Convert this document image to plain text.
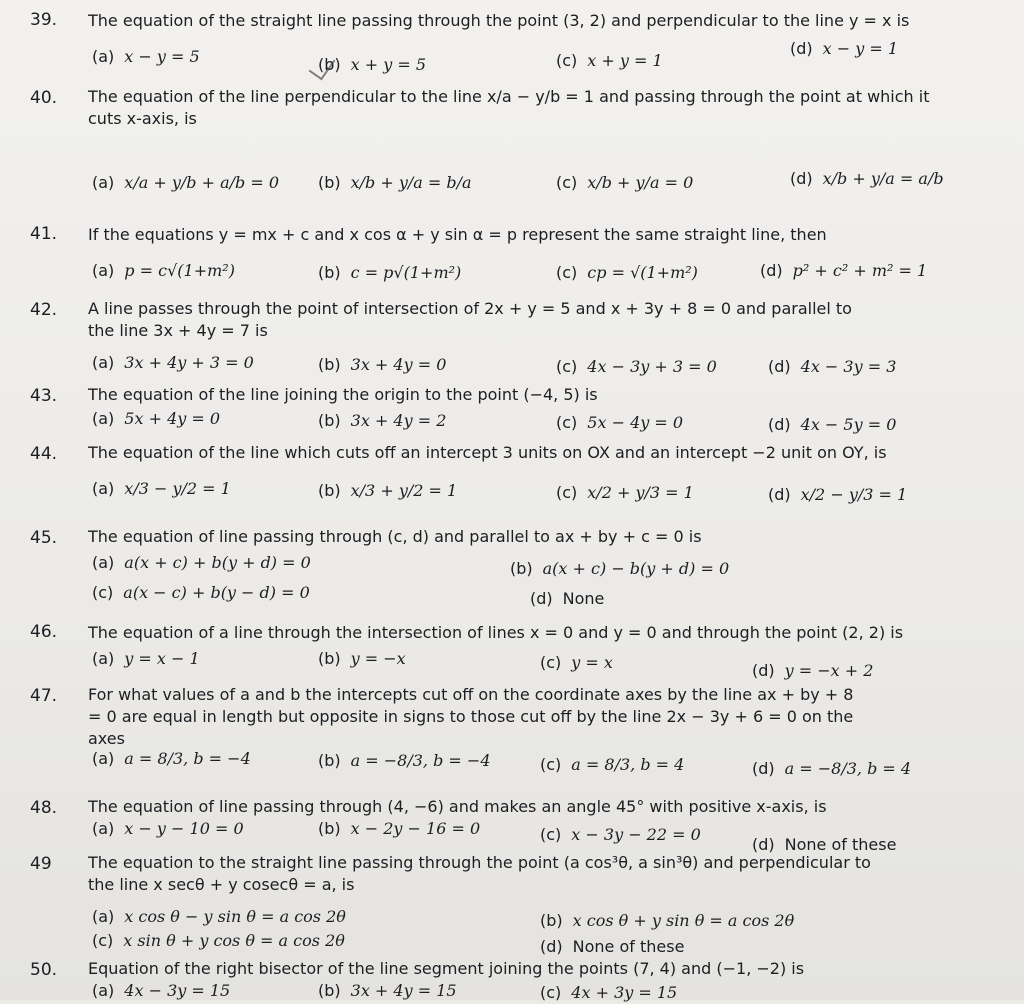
39. The equation of the straight line passing through the point (3, 2) and perpendicular to the line y = x is
(a) x − y = 5	(b) x + y = 5	(c) x + y = 1
(d) x − y = 1
40. The equation of the line perpendicular to the line x/a − y/b = 1 and passing through the point at which it cuts x-axis, is
(a) x/a + y/b + a/b = 0 (b) x/b + y/a = b/a	(c) x/b + y/a = 0	(d) x/b + y/a = a/b
41. If the equations y = mx + c and x cos α + y sin α = p represent the same straight line, then
(a) p = c√(1+m²)	(b) c = p√(1+m²)	(c) cp = √(1+m²)	(d) p² + c² + m² = 1
42. A line passes through the point of intersection of 2x + y = 5 and x + 3y + 8 = 0 and parallel to the line 3x + 4y = 7 is
(a) 3x + 4y + 3 = 0	(b) 3x + 4y = 0	(c) 4x − 3y + 3 = 0	(d) 4x − 3y = 3
43. The equation of the line joining the origin to the point (−4, 5) is
(a) 5x + 4y = 0	(b) 3x + 4y = 2	(c) 5x − 4y = 0	(d) 4x − 5y = 0
44. The equation of the line which cuts off an intercept 3 units on OX and an intercept −2 unit on OY, is
(a) x/3 − y/2 = 1	(b) x/3 + y/2 = 1	(c) x/2 + y/3 = 1	(d) x/2 − y/3 = 1
45. The equation of line passing through (c, d) and parallel to ax + by + c = 0 is
(a) a(x + c) + b(y + d) = 0	(b) a(x + c) − b(y + d) = 0
(c) a(x − c) + b(y − d) = 0	(d) None
46. The equation of a line through the intersection of lines x = 0 and y = 0 and through the point (2, 2) is
(a) y = x − 1	(b) y = −x	(c) y = x	(d) y = −x + 2
47. For what values of a and b the intercepts cut off on the coordinate axes by the line ax + by + 8 = 0 are equal in length but opposite in signs to those cut off by the line 2x − 3y + 6 = 0 on the axes
(a) a = 8/3, b = −4	(b) a = −8/3, b = −4	(c) a = 8/3, b = 4	(d) a = −8/3, b = 4
48. The equation of line passing through (4, −6) and makes an angle 45° with positive x-axis, is
(a) x − y − 10 = 0	(b) x − 2y − 16 = 0	(c) x − 3y − 22 = 0
(d) None of these
49 The equation to the straight line passing through the point (a cos³θ, a sin³θ) and perpendicular to the line x secθ + y cosecθ = a, is
(a) x cos θ − y sin θ = a cos 2θ	(b) x cos θ + y sin θ = a cos 2θ
(c) x sin θ + y cos θ = a cos 2θ	(d) None of these
50. Equation of the right bisector of the line segment joining the points (7, 4) and (−1, −2) is
(a) 4x − 3y = 15	(b) 3x + 4y = 15	(c) 4x + 3y = 15
